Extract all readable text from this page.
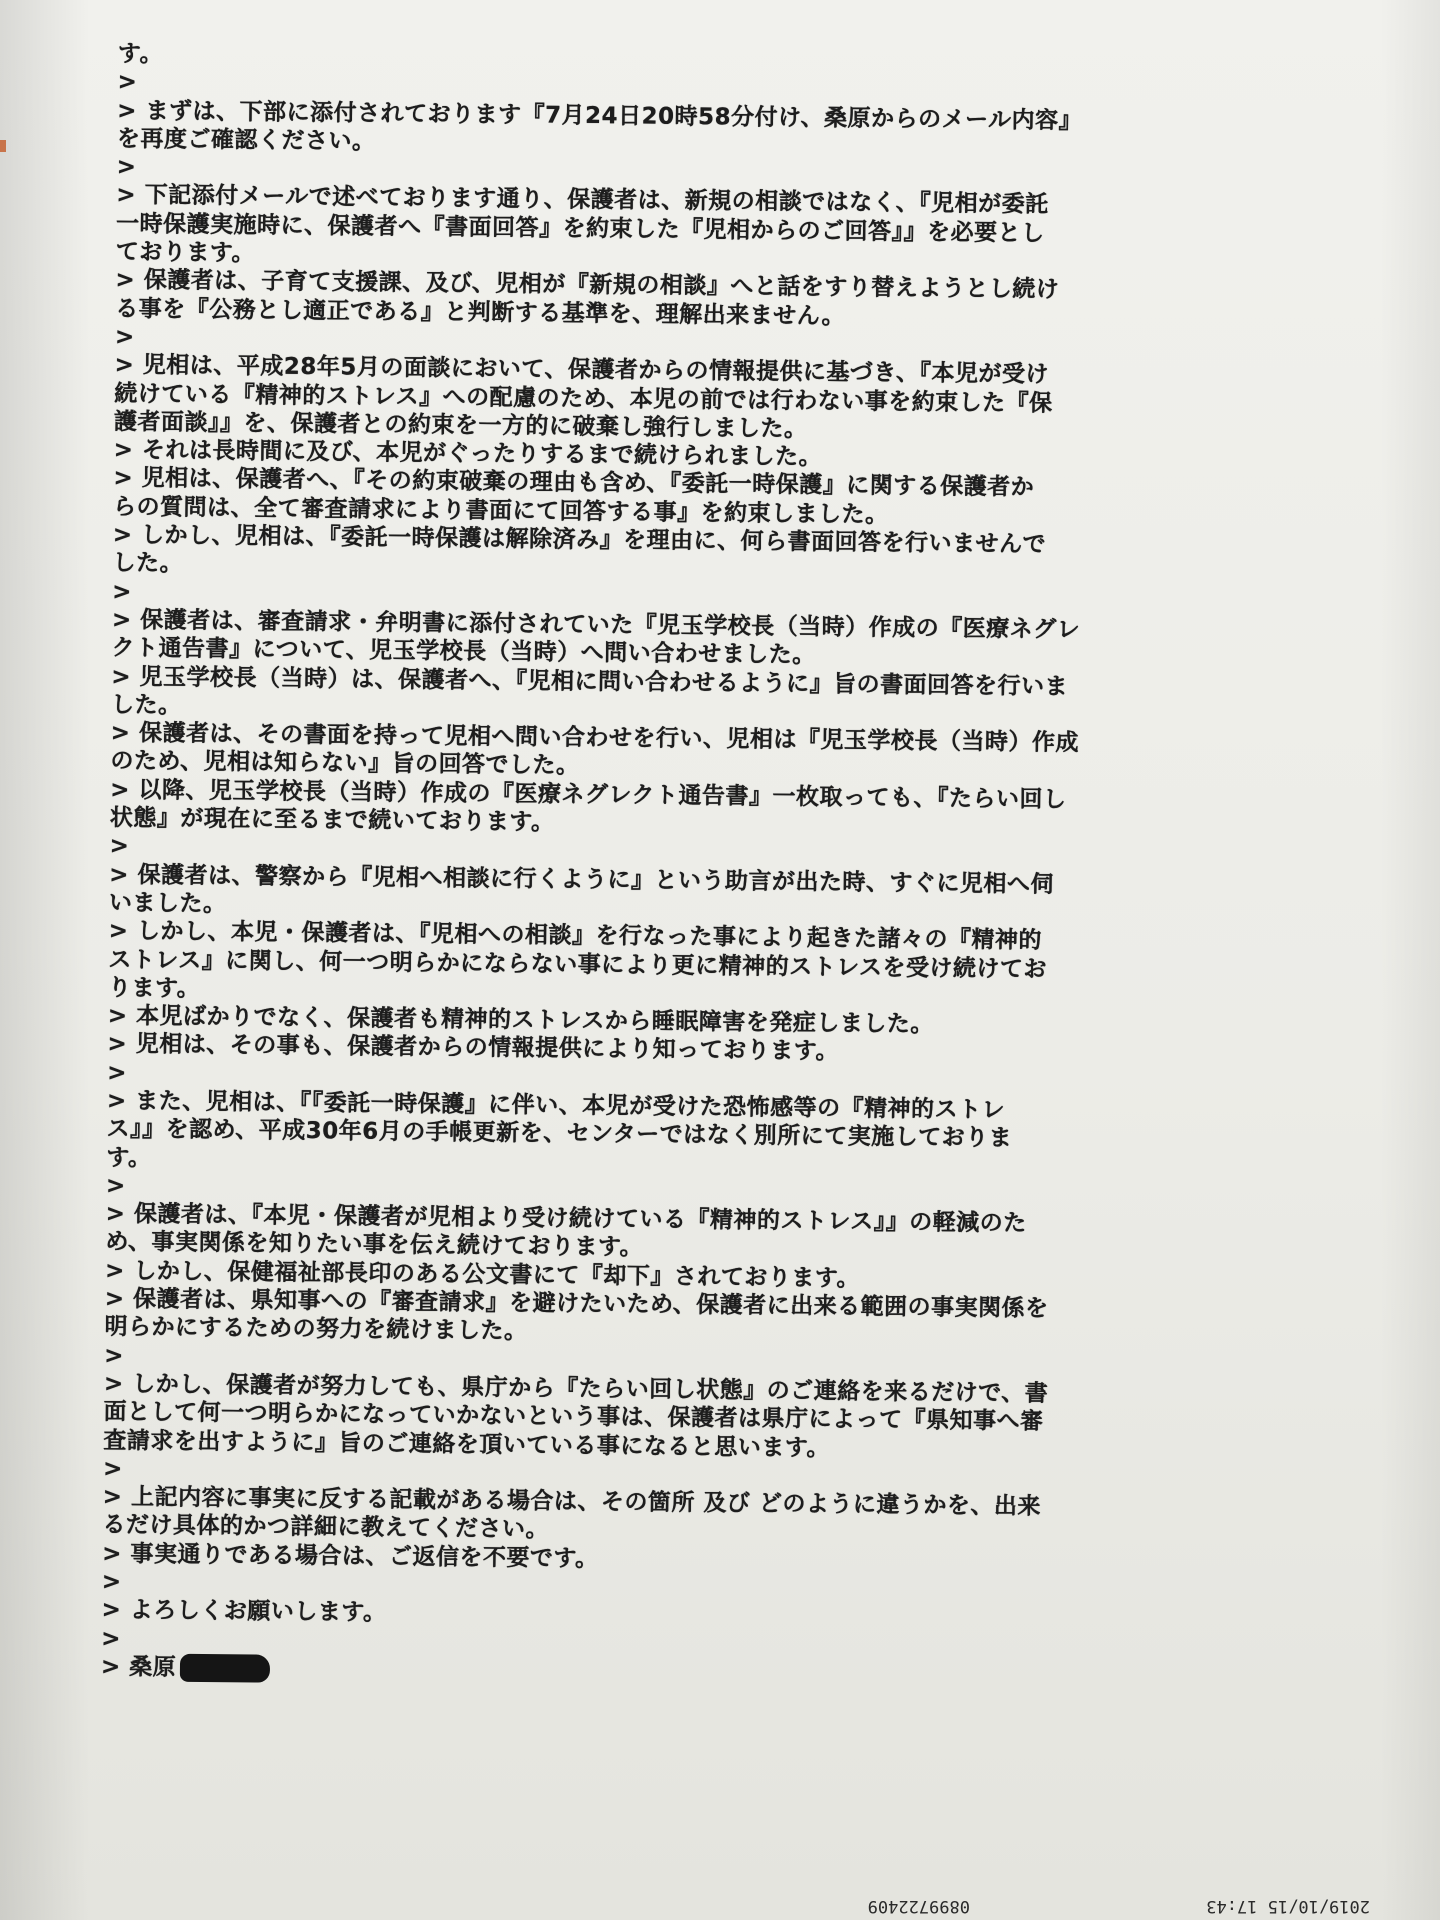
す。
>
> まずは、下部に添付されております『7月24日20時58分付け、桑原からのメール内容』
を再度ご確認ください。
>
> 下記添付メールで述べております通り、保護者は、新規の相談ではなく、『児相が委託
一時保護実施時に、保護者へ『書面回答』を約束した『児相からのご回答』』を必要とし
ております。
> 保護者は、子育て支援課、及び、児相が『新規の相談』へと話をすり替えようとし続け
る事を『公務とし適正である』と判断する基準を、理解出来ません。
>
> 児相は、平成28年5月の面談において、保護者からの情報提供に基づき、『本児が受け
続けている『精神的ストレス』への配慮のため、本児の前では行わない事を約束した『保
護者面談』』を、保護者との約束を一方的に破棄し強行しました。
> それは長時間に及び、本児がぐったりするまで続けられました。
> 児相は、保護者へ、『その約束破棄の理由も含め、『委託一時保護』に関する保護者か
らの質問は、全て審査請求により書面にて回答する事』を約束しました。
> しかし、児相は、『委託一時保護は解除済み』を理由に、何ら書面回答を行いませんで
した。
>
> 保護者は、審査請求・弁明書に添付されていた『児玉学校長（当時）作成の『医療ネグレ
クト通告書』について、児玉学校長（当時）へ問い合わせました。
> 児玉学校長（当時）は、保護者へ、『児相に問い合わせるように』旨の書面回答を行いま
した。
> 保護者は、その書面を持って児相へ問い合わせを行い、児相は『児玉学校長（当時）作成
のため、児相は知らない』旨の回答でした。
> 以降、児玉学校長（当時）作成の『医療ネグレクト通告書』一枚取っても、『たらい回し
状態』が現在に至るまで続いております。
>
> 保護者は、警察から『児相へ相談に行くように』という助言が出た時、すぐに児相へ伺
いました。
> しかし、本児・保護者は、『児相への相談』を行なった事により起きた諸々の『精神的
ストレス』に関し、何一つ明らかにならない事により更に精神的ストレスを受け続けてお
ります。
> 本児ばかりでなく、保護者も精神的ストレスから睡眠障害を発症しました。
> 児相は、その事も、保護者からの情報提供により知っております。
>
> また、児相は、『『委託一時保護』に伴い、本児が受けた恐怖感等の『精神的ストレ
ス』』を認め、平成30年6月の手帳更新を、センターではなく別所にて実施しておりま
す。
>
> 保護者は、『本児・保護者が児相より受け続けている『精神的ストレス』』の軽減のた
め、事実関係を知りたい事を伝え続けております。
> しかし、保健福祉部長印のある公文書にて『却下』されております。
> 保護者は、県知事への『審査請求』を避けたいため、保護者に出来る範囲の事実関係を
明らかにするための努力を続けました。
>
> しかし、保護者が努力しても、県庁から『たらい回し状態』のご連絡を来るだけで、書
面として何一つ明らかになっていかないという事は、保護者は県庁によって『県知事へ審
査請求を出すように』旨のご連絡を頂いている事になると思います。
>
> 上記内容に事実に反する記載がある場合は、その箇所 及び どのように違うかを、出来
るだけ具体的かつ詳細に教えてください。
> 事実通りである場合は、ご返信を不要です。
>
> よろしくお願いします。
>
> 桑原
2019/10/15 17:43
0899722409
